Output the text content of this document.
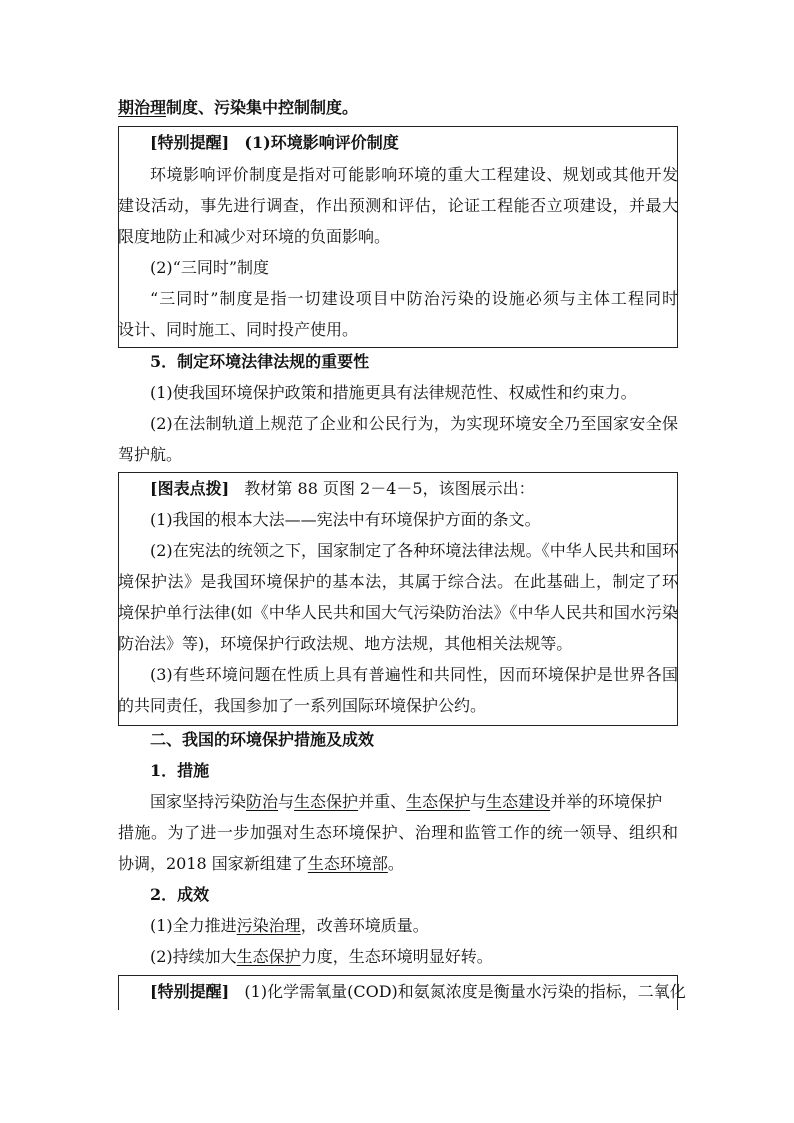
期治理制度、污染集中控制制度。
[特别提醒] (1)环境影响评价制度
环境影响评价制度是指对可能影响环境的重大工程建设、规划或其他开发
建设活动，事先进行调查，作出预测和评估，论证工程能否立项建设，并最大
限度地防止和减少对环境的负面影响。
(2)“三同时”制度
“三同时”制度是指一切建设项目中防治污染的设施必须与主体工程同时
设计、同时施工、同时投产使用。
5．制定环境法律法规的重要性
(1)使我国环境保护政策和措施更具有法律规范性、权威性和约束力。
(2)在法制轨道上规范了企业和公民行为，为实现环境安全乃至国家安全保
驾护航。
[图表点拨] 教材第 88 页图 2－4－5，该图展示出：
(1)我国的根本大法——宪法中有环境保护方面的条文。
(2)在宪法的统领之下，国家制定了各种环境法律法规。《中华人民共和国环
境保护法》是我国环境保护的基本法，其属于综合法。在此基础上，制定了环
境保护单行法律(如《中华人民共和国大气污染防治法》《中华人民共和国水污染
防治法》等)，环境保护行政法规、地方法规，其他相关法规等。
(3)有些环境问题在性质上具有普遍性和共同性，因而环境保护是世界各国
的共同责任，我国参加了一系列国际环境保护公约。
二、我国的环境保护措施及成效
1．措施
国家坚持污染防治与生态保护并重、生态保护与生态建设并举的环境保护
措施。为了进一步加强对生态环境保护、治理和监管工作的统一领导、组织和
协调，2018 国家新组建了生态环境部。
2．成效
(1)全力推进污染治理，改善环境质量。
(2)持续加大生态保护力度，生态环境明显好转。
[特别提醒] (1)化学需氧量(COD)和氨氮浓度是衡量水污染的指标，二氧化
